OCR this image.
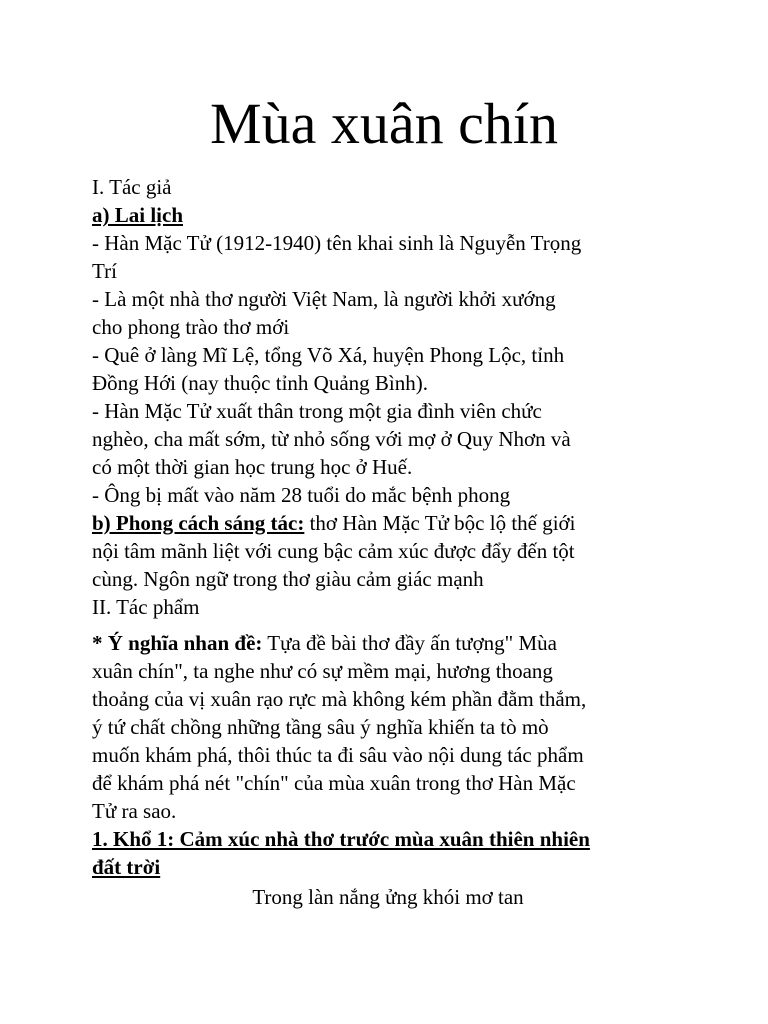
Mùa xuân chín
I. Tác giả
a) Lai lịch
- Hàn Mặc Tử (1912-1940) tên khai sinh là Nguyễn Trọng
Trí
- Là một nhà thơ người Việt Nam, là người khởi xướng
cho phong trào thơ mới
- Quê ở làng Mĩ Lệ, tổng Võ Xá, huyện Phong Lộc, tỉnh
Đồng Hới (nay thuộc tỉnh Quảng Bình).
- Hàn Mặc Tử xuất thân trong một gia đình viên chức
nghèo, cha mất sớm, từ nhỏ sống với mợ ở Quy Nhơn và
có một thời gian học trung học ở Huế.
- Ông bị mất vào năm 28 tuổi do mắc bệnh phong
b) Phong cách sáng tác: thơ Hàn Mặc Tử bộc lộ thế giới
nội tâm mãnh liệt với cung bậc cảm xúc được đẩy đến tột
cùng. Ngôn ngữ trong thơ giàu cảm giác mạnh
II. Tác phẩm
* Ý nghĩa nhan đề: Tựa đề bài thơ đầy ấn tượng" Mùa
xuân chín", ta nghe như có sự mềm mại, hương thoang
thoảng của vị xuân rạo rực mà không kém phần đằm thắm,
ý tứ chất chồng những tầng sâu ý nghĩa khiến ta tò mò
muốn khám phá, thôi thúc ta đi sâu vào nội dung tác phẩm
để khám phá nét "chín" của mùa xuân trong thơ Hàn Mặc
Tử ra sao.
1. Khổ 1: Cảm xúc nhà thơ trước mùa xuân thiên nhiên
đất trời
Trong làn nắng ửng khói mơ tan
